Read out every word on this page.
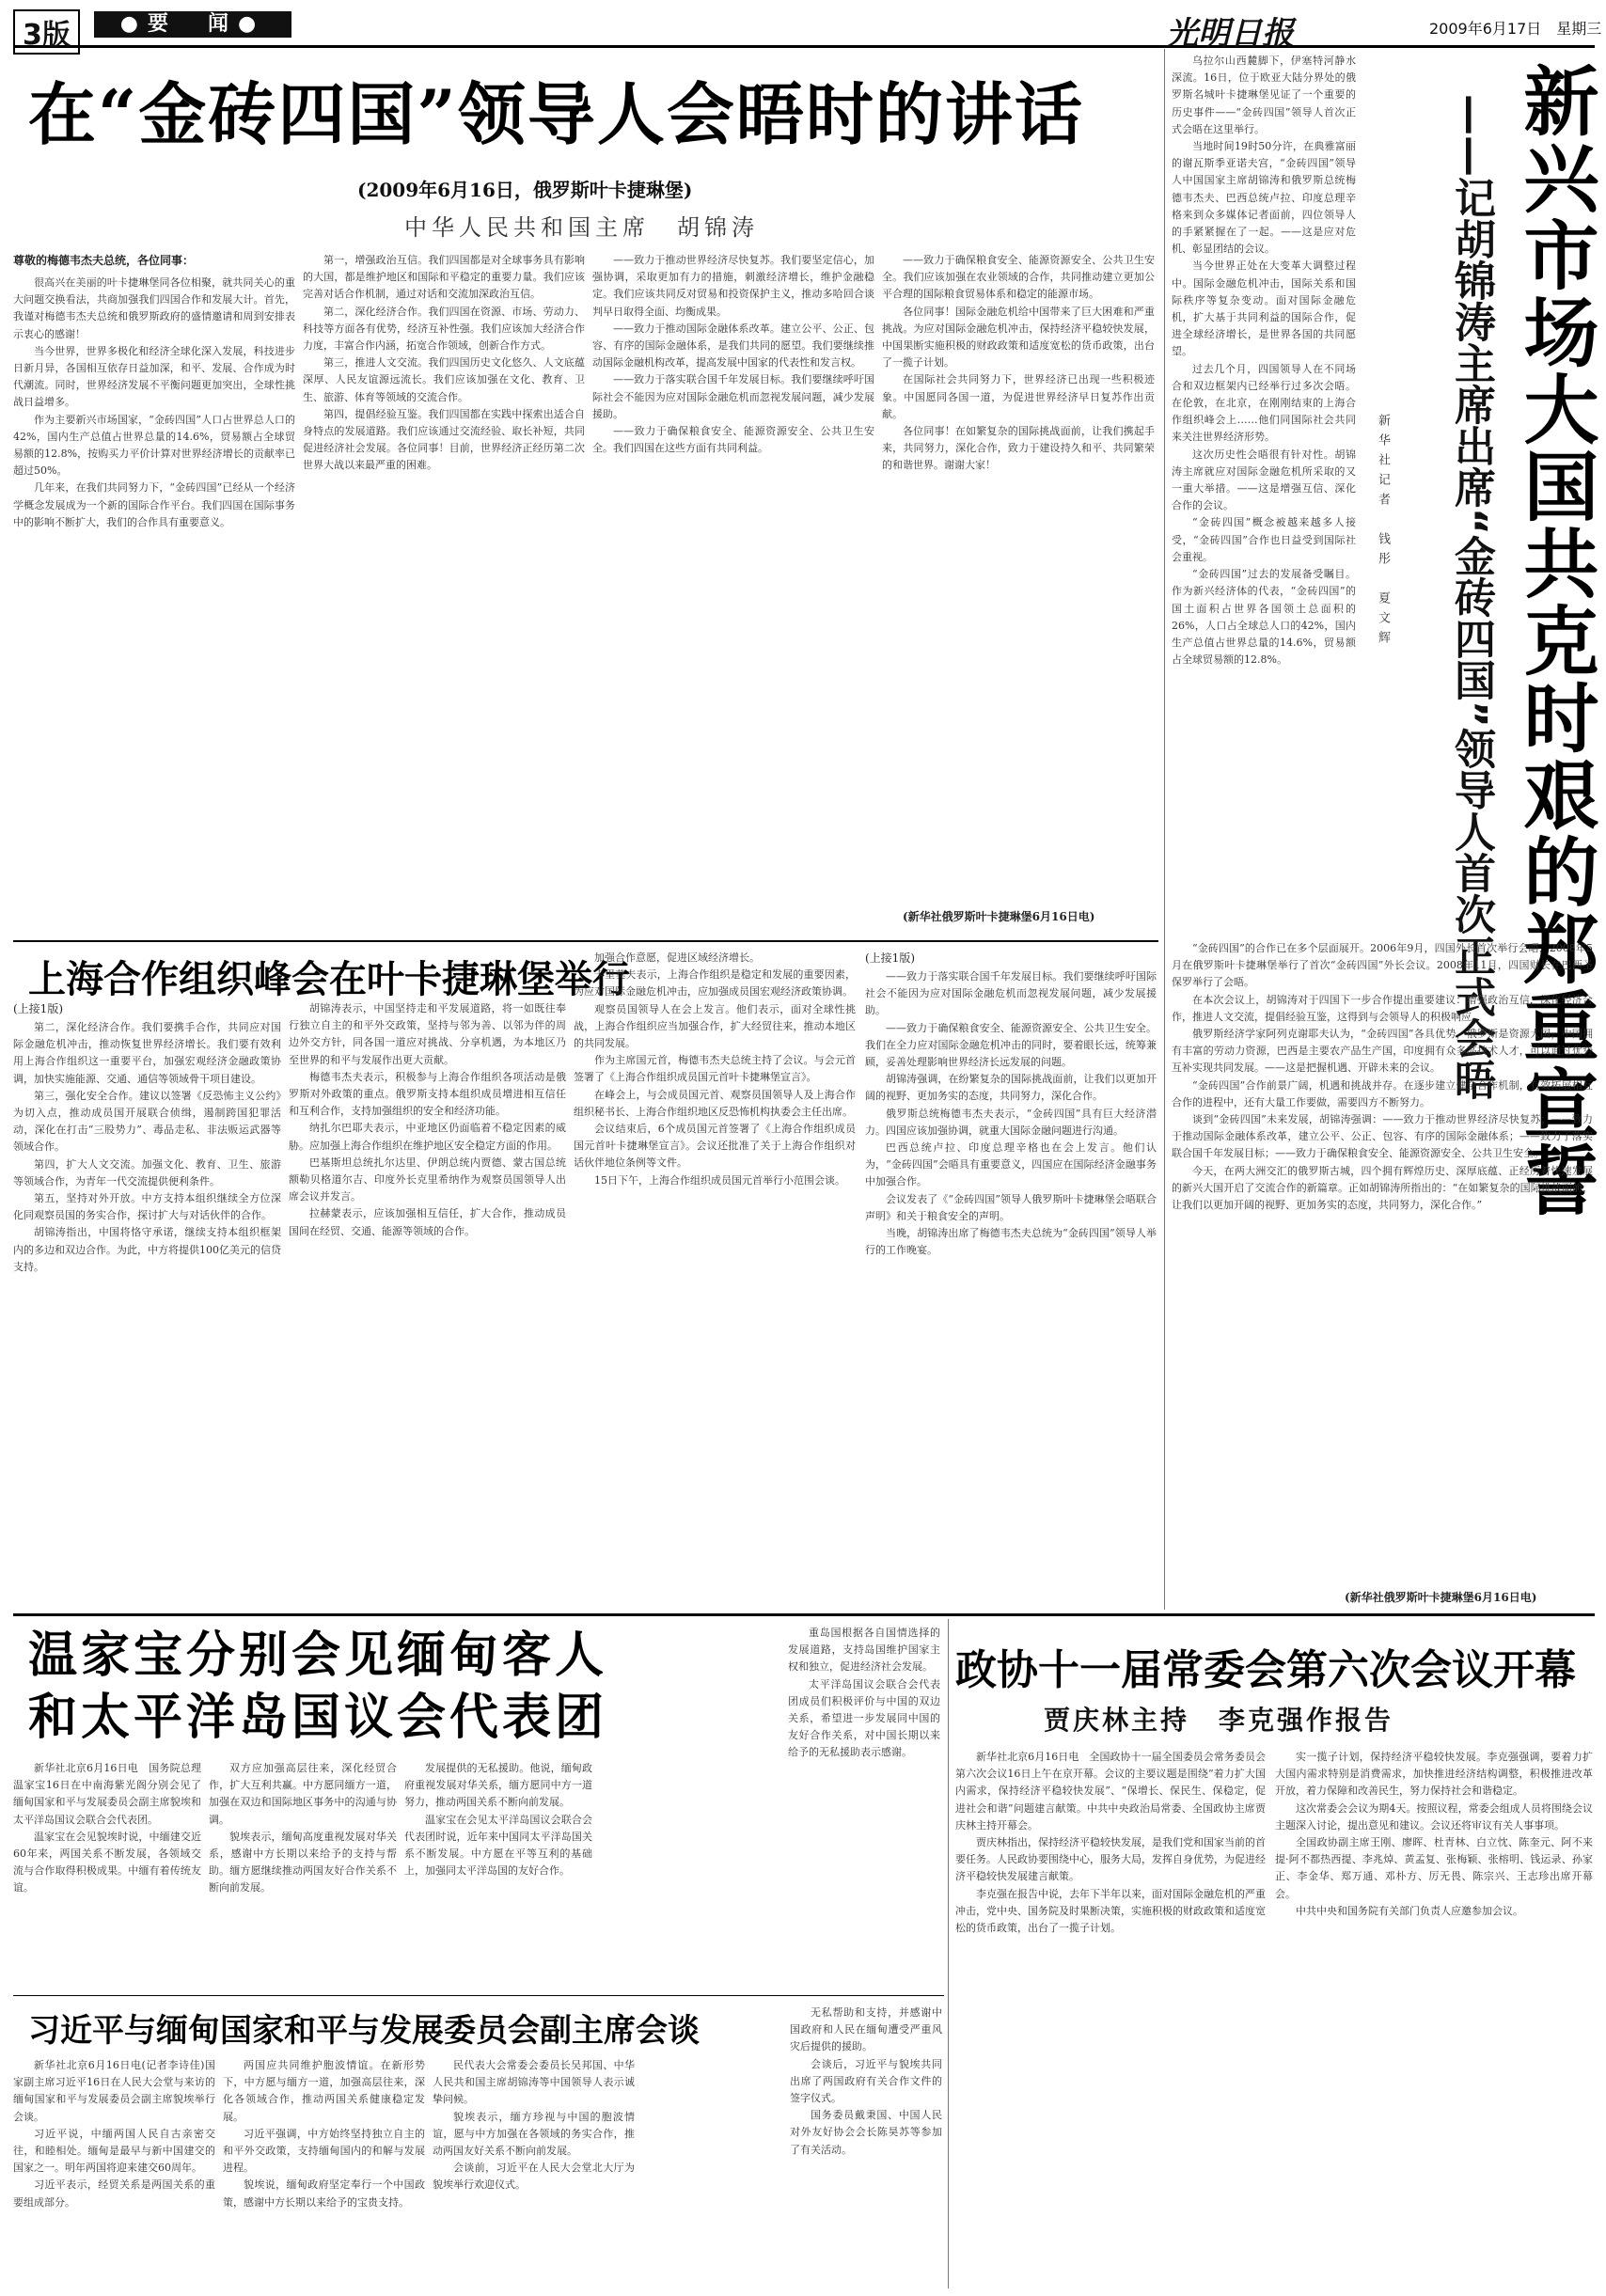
3版	●要　闻●	光明日报	2009年6月17日　 星期三
在“金砖四国”领导人会晤时的讲话
(2009年6月16日，俄罗斯叶卡捷琳堡)
中华人民共和国主席　胡锦涛
尊敬的梅德韦杰夫总统，各位同事：

很高兴在美丽的叶卡捷琳堡同各位相聚，就共同关心的重大问题交换看法，共商加强我们四国合作和发展大计。首先，我谨对梅德韦杰夫总统和俄罗斯政府的盛情邀请和周到安排表示衷心的感谢！

当今世界，世界多极化和经济全球化深入发展，科技进步日新月异，各国相互依存日益加深，和平、发展、合作成为时代潮流。同时，世界经济发展不平衡问题更加突出，全球性挑战日益增多。

作为主要新兴市场国家，“金砖四国”人口占世界总人口的42%，国内生产总值占世界总量的14.6%，贸易额占全球贸易额的12.8%，按购买力平价计算对世界经济增长的贡献率已超过50%。

几年来，在我们共同努力下，“金砖四国”已经从一个经济学概念发展成为一个新的国际合作平台。我们四国在国际事务中的影响不断扩大，我们的合作具有重要意义。

第一，增强政治互信。我们四国都是对全球事务具有影响的大国，都是维护地区和国际和平稳定的重要力量。我们应该完善对话合作机制，通过对话和交流加深政治互信。

第二，深化经济合作。我们四国在资源、市场、劳动力、科技等方面各有优势，经济互补性强。我们应该加大经济合作力度，丰富合作内涵，拓宽合作领域，创新合作方式。

第三，推进人文交流。我们四国历史文化悠久、人文底蕴深厚、人民友谊源远流长。我们应该加强在文化、教育、卫生、旅游、体育等领域的交流合作。

第四，提倡经验互鉴。我们四国都在实践中探索出适合自身特点的发展道路。我们应该通过交流经验、取长补短，共同促进经济社会发展。各位同事！目前，世界经济正经历第二次世界大战以来最严重的困难。

——致力于推动世界经济尽快复苏。我们要坚定信心，加强协调，采取更加有力的措施，刺激经济增长，维护金融稳定。我们应该共同反对贸易和投资保护主义，推动多哈回合谈判早日取得全面、均衡成果。

——致力于推动国际金融体系改革。建立公平、公正、包容、有序的国际金融体系，是我们共同的愿望。我们要继续推动国际金融机构改革，提高发展中国家的代表性和发言权。

——致力于落实联合国千年发展目标。我们要继续呼吁国际社会不能因为应对国际金融危机而忽视发展问题，减少发展援助。

——致力于确保粮食安全、能源资源安全、公共卫生安全。我们四国在这些方面有共同利益。

——致力于确保粮食安全、能源资源安全、公共卫生安全。我们应该加强在农业领域的合作，共同推动建立更加公平合理的国际粮食贸易体系和稳定的能源市场。

各位同事！国际金融危机给中国带来了巨大困难和严重挑战。为应对国际金融危机冲击，保持经济平稳较快发展，中国果断实施积极的财政政策和适度宽松的货币政策，出台了一揽子计划。

在国际社会共同努力下，世界经济已出现一些积极迹象。中国愿同各国一道，为促进世界经济早日复苏作出贡献。

各位同事！在如繁复杂的国际挑战面前，让我们携起手来，共同努力，深化合作，致力于建设持久和平、共同繁荣的和谐世界。谢谢大家！

(新华社俄罗斯叶卡捷琳堡6月16日电)

乌拉尔山西麓脚下，伊塞特河静水深流。16日，位于欧亚大陆分界处的俄罗斯名城叶卡捷琳堡见证了一个重要的历史事件——“金砖四国”领导人首次正式会晤在这里举行。

当地时间19时50分许，在典雅富丽的谢瓦斯季亚诺夫宫，“金砖四国”领导人中国国家主席胡锦涛和俄罗斯总统梅德韦杰夫、巴西总统卢拉、印度总理辛格来到众多媒体记者面前，四位领导人的手紧紧握在了一起。——这是应对危机、彰显团结的会议。

当今世界正处在大变革大调整过程中。国际金融危机冲击，国际关系和国际秩序等复杂变动。面对国际金融危机，扩大基于共同利益的国际合作，促进全球经济增长，是世界各国的共同愿望。

过去几个月，四国领导人在不同场合和双边框架内已经举行过多次会晤。在伦敦，在北京，在刚刚结束的上海合作组织峰会上……他们同国际社会共同来关注世界经济形势。

这次历史性会晤很有针对性。胡锦涛主席就应对国际金融危机所采取的又一重大举措。——这是增强互信、深化合作的会议。

“金砖四国”概念被越来越多人接受，“金砖四国”合作也日益受到国际社会重视。

“金砖四国”过去的发展备受瞩目。作为新兴经济体的代表，“金砖四国”的国土面积占世界各国领土总面积的26%，人口占全球总人口的42%，国内生产总值占世界总量的14.6%，贸易额占全球贸易额的12.8%。

新华社记者　钱彤　夏文辉 新兴市场大国共克时艰的郑重宣誓
——记胡锦涛主席出席“金砖四国”领导人首次正式会晤

“金砖四国”的合作已在多个层面展开。2006年9月，四国外长首次举行会晤，2008年5月在俄罗斯叶卡捷琳堡举行了首次“金砖四国”外长会议。2008年11月，四国财长在巴西圣保罗举行了会晤。

在本次会议上，胡锦涛对于四国下一步合作提出重要建议：增强政治互信，深化经济合作，推进人文交流，提倡经验互鉴，这得到与会领导人的积极响应。

俄罗斯经济学家阿列克谢耶夫认为，“金砖四国”各具优势，俄罗斯是资源大国，中国拥有丰富的劳动力资源，巴西是主要农产品生产国，印度拥有众多高技术人才，可以通过优势互补实现共同发展。——这是把握机遇、开辟未来的会议。

“金砖四国”合作前景广阔，机遇和挑战并存。在逐步建立健全合作机制，有效拓展相互合作的进程中，还有大量工作要做，需要四方不断努力。

谈到“金砖四国”未来发展，胡锦涛强调：——致力于推动世界经济尽快复苏；——致力于推动国际金融体系改革，建立公平、公正、包容、有序的国际金融体系；——致力于落实联合国千年发展目标；——致力于确保粮食安全、能源资源安全、公共卫生安全。

今天，在两大洲交汇的俄罗斯古城，四个拥有辉煌历史、深厚底蕴、正经历着快速发展的新兴大国开启了交流合作的新篇章。正如胡锦涛所指出的：“在如繁复杂的国际挑战面前，让我们以更加开阔的视野、更加务实的态度，共同努力，深化合作。”

(新华社俄罗斯叶卡捷琳堡6月16日电)
上海合作组织峰会在叶卡捷琳堡举行
(上接1版)

第二，深化经济合作。我们要携手合作，共同应对国际金融危机冲击，推动恢复世界经济增长。我们要有效利用上海合作组织这一重要平台，加强宏观经济金融政策协调，加快实施能源、交通、通信等领域骨干项目建设。

第三，强化安全合作。建议以签署《反恐怖主义公约》为切入点，推动成员国开展联合侦缉，遏制跨国犯罪活动，深化在打击“三股势力”、毒品走私、非法贩运武器等领域合作。

第四，扩大人文交流。加强文化、教育、卫生、旅游等领域合作，为青年一代交流提供便利条件。

第五，坚持对外开放。中方支持本组织继续全方位深化同观察员国的务实合作，探讨扩大与对话伙伴的合作。

胡锦涛指出，中国将恪守承诺，继续支持本组织框架内的多边和双边合作。为此，中方将提供100亿美元的信贷支持。

胡锦涛表示，中国坚持走和平发展道路，将一如既往奉行独立自主的和平外交政策，坚持与邻为善、以邻为伴的周边外交方针，同各国一道应对挑战、分享机遇，为本地区乃至世界的和平与发展作出更大贡献。

梅德韦杰夫表示，积极参与上海合作组织各项活动是俄罗斯对外政策的重点。俄罗斯支持本组织成员增进相互信任和互利合作，支持加强组织的安全和经济功能。

纳扎尔巴耶夫表示，中亚地区仍面临着不稳定因素的威胁。应加强上海合作组织在维护地区安全稳定方面的作用。

巴基斯坦总统扎尔达里、伊朗总统内贾德、蒙古国总统额勒贝格道尔吉、印度外长克里希纳作为观察员国领导人出席会议并发言。

拉赫蒙表示，应该加强相互信任，扩大合作，推动成员国间在经贸、交通、能源等领域的合作。

加强合作意愿，促进区域经济增长。

卡里莫夫表示，上海合作组织是稳定和发展的重要因素，为应对国际金融危机冲击，应加强成员国宏观经济政策协调。

观察员国领导人在会上发言。他们表示，面对全球性挑战，上海合作组织应当加强合作，扩大经贸往来，推动本地区的共同发展。

作为主席国元首，梅德韦杰夫总统主持了会议。与会元首签署了《上海合作组织成员国元首叶卡捷琳堡宣言》。

在峰会上，与会成员国元首、观察员国领导人及上海合作组织秘书长、上海合作组织地区反恐怖机构执委会主任出席。

会议结束后，6个成员国元首签署了《上海合作组织成员国元首叶卡捷琳堡宣言》。会议还批准了关于上海合作组织对话伙伴地位条例等文件。

15日下午，上海合作组织成员国元首举行小范围会谈。

(上接1版)

——致力于落实联合国千年发展目标。我们要继续呼吁国际社会不能因为应对国际金融危机而忽视发展问题，减少发展援助。

——致力于确保粮食安全、能源资源安全、公共卫生安全。我们在全力应对国际金融危机冲击的同时，要着眼长远，统筹兼顾，妥善处理影响世界经济长远发展的问题。

胡锦涛强调，在纷繁复杂的国际挑战面前，让我们以更加开阔的视野、更加务实的态度，共同努力，深化合作。

俄罗斯总统梅德韦杰夫表示，“金砖四国”具有巨大经济潜力。四国应该加强协调，就重大国际金融问题进行沟通。

巴西总统卢拉、印度总理辛格也在会上发言。他们认为，“金砖四国”会晤具有重要意义，四国应在国际经济金融事务中加强合作。

会议发表了《“金砖四国”领导人俄罗斯叶卡捷琳堡会晤联合声明》和关于粮食安全的声明。

当晚，胡锦涛出席了梅德韦杰夫总统为“金砖四国”领导人举行的工作晚宴。

温家宝分别会见缅甸客人
和太平洋岛国议会代表团

新华社北京6月16日电　国务院总理温家宝16日在中南海紫光阁分别会见了缅甸国家和平与发展委员会副主席貌埃和太平洋岛国议会联合会代表团。

温家宝在会见貌埃时说，中缅建交近60年来，两国关系不断发展，各领域交流与合作取得积极成果。中缅有着传统友谊。

双方应加强高层往来，深化经贸合作，扩大互利共赢。中方愿同缅方一道，加强在双边和国际地区事务中的沟通与协调。

貌埃表示，缅甸高度重视发展对华关系，感谢中方长期以来给予的支持与帮助。缅方愿继续推动两国友好合作关系不断向前发展。

发展提供的无私援助。他说，缅甸政府重视发展对华关系，缅方愿同中方一道努力，推动两国关系不断向前发展。

温家宝在会见太平洋岛国议会联合会代表团时说，近年来中国同太平洋岛国关系不断发展。中方愿在平等互利的基础上，加强同太平洋岛国的友好合作。

重岛国根据各自国情选择的发展道路，支持岛国维护国家主权和独立，促进经济社会发展。

太平洋岛国议会联合会代表团成员们积极评价与中国的双边关系，希望进一步发展同中国的友好合作关系，对中国长期以来给予的无私援助表示感谢。

习近平与缅甸国家和平与发展委员会副主席会谈

新华社北京6月16日电(记者李诗佳)国家副主席习近平16日在人民大会堂与来访的缅甸国家和平与发展委员会副主席貌埃举行会谈。

习近平说，中缅两国人民自古亲密交往，和睦相处。缅甸是最早与新中国建交的国家之一。明年两国将迎来建交60周年。

习近平表示，经贸关系是两国关系的重要组成部分。

两国应共同维护胞波情谊。在新形势下，中方愿与缅方一道，加强高层往来，深化各领域合作，推动两国关系健康稳定发展。

习近平强调，中方始终坚持独立自主的和平外交政策，支持缅甸国内的和解与发展进程。

貌埃说，缅甸政府坚定奉行一个中国政策，感谢中方长期以来给予的宝贵支持。

民代表大会常委会委员长吴邦国、中华人民共和国主席胡锦涛等中国领导人表示诚挚问候。

貌埃表示，缅方珍视与中国的胞波情谊，愿与中方加强在各领域的务实合作，推动两国友好关系不断向前发展。

会谈前，习近平在人民大会堂北大厅为貌埃举行欢迎仪式。

无私帮助和支持，并感谢中国政府和人民在缅甸遭受严重风灾后提供的援助。

会谈后，习近平与貌埃共同出席了两国政府有关合作文件的签字仪式。

国务委员戴秉国、中国人民对外友好协会会长陈昊苏等参加了有关活动。

政协十一届常委会第六次会议开幕
贾庆林主持　李克强作报告

新华社北京6月16日电　全国政协十一届全国委员会常务委员会第六次会议16日上午在京开幕。会议的主要议题是围绕“着力扩大国内需求，保持经济平稳较快发展”、“保增长、保民生、保稳定，促进社会和谐”问题建言献策。中共中央政治局常委、全国政协主席贾庆林主持开幕会。

贾庆林指出，保持经济平稳较快发展，是我们党和国家当前的首要任务。人民政协要围绕中心，服务大局，发挥自身优势，为促进经济平稳较快发展建言献策。

李克强在报告中说，去年下半年以来，面对国际金融危机的严重冲击，党中央、国务院及时果断决策，实施积极的财政政策和适度宽松的货币政策，出台了一揽子计划。

实一揽子计划，保持经济平稳较快发展。李克强强调，要着力扩大国内需求特别是消费需求，加快推进经济结构调整，积极推进改革开放，着力保障和改善民生，努力保持社会和谐稳定。

这次常委会会议为期4天。按照议程，常委会组成人员将围绕会议主题深入讨论，提出意见和建议。会议还将审议有关人事事项。

全国政协副主席王刚、廖晖、杜青林、白立忱、陈奎元、阿不来提·阿不都热西提、李兆焯、黄孟复、张梅颖、张榕明、钱运录、孙家正、李金华、郑万通、邓朴方、厉无畏、陈宗兴、王志珍出席开幕会。

中共中央和国务院有关部门负责人应邀参加会议。
